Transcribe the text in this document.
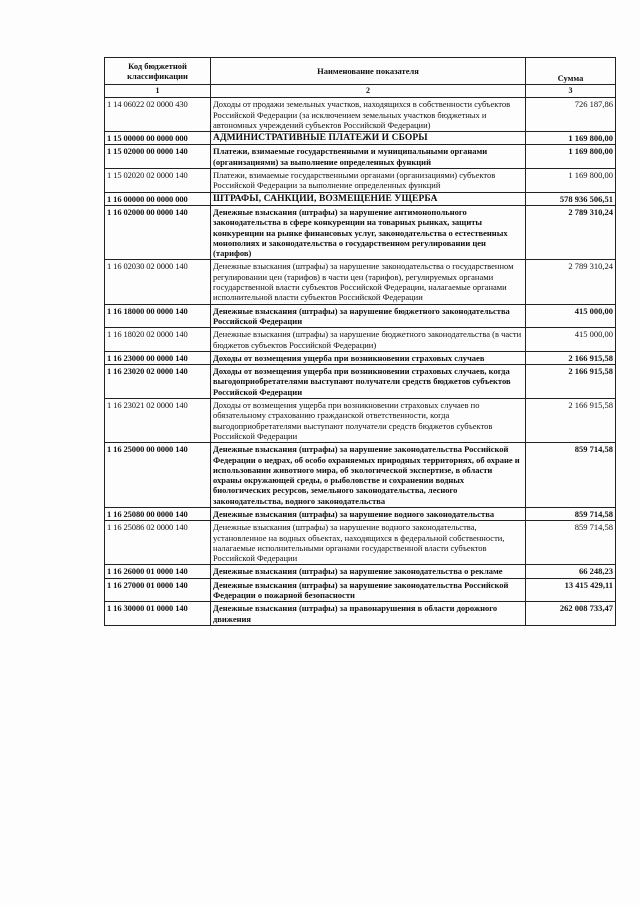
Код бюджетной классификации	Наименование показателя	Сумма
1	2	3
1 14 06022 02 0000 430	Доходы от продажи земельных участков, находящихся в собственности субъектов Российской Федерации (за исключением земельных участков бюджетных и автономных учреждений субъектов Российской Федерации)	726 187,86
1 15 00000 00 0000 000	АДМИНИСТРАТИВНЫЕ ПЛАТЕЖИ И СБОРЫ	1 169 800,00
1 15 02000 00 0000 140	Платежи, взимаемые государственными и муниципальными органами (организациями) за выполнение определенных функций	1 169 800,00
1 15 02020 02 0000 140	Платежи, взимаемые государственными органами (организациями) субъектов Российской Федерации за выполнение определенных функций	1 169 800,00
1 16 00000 00 0000 000	ШТРАФЫ, САНКЦИИ, ВОЗМЕЩЕНИЕ УЩЕРБА	578 936 506,51
1 16 02000 00 0000 140	Денежные взыскания (штрафы) за нарушение антимонопольного законодательства в сфере конкуренции на товарных рынках, защиты конкуренции на рынке финансовых услуг, законодательства о естественных монополиях и законодательства о государственном регулировании цен (тарифов)	2 789 310,24
1 16 02030 02 0000 140	Денежные взыскания (штрафы) за нарушение законодательства о государственном регулировании цен (тарифов) в части цен (тарифов), регулируемых органами государственной власти субъектов Российской Федерации, налагаемые органами исполнительной власти субъектов Российской Федерации	2 789 310,24
1 16 18000 00 0000 140	Денежные взыскания (штрафы) за нарушение бюджетного законодательства Российской Федерации	415 000,00
1 16 18020 02 0000 140	Денежные взыскания (штрафы) за нарушение бюджетного законодательства (в части бюджетов субъектов Российской Федерации)	415 000,00
1 16 23000 00 0000 140	Доходы от возмещения ущерба при возникновении страховых случаев	2 166 915,58
1 16 23020 02 0000 140	Доходы от возмещения ущерба при возникновении страховых случаев, когда выгодоприобретателями выступают получатели средств бюджетов субъектов Российской Федерации	2 166 915,58
1 16 23021 02 0000 140	Доходы от возмещения ущерба при возникновении страховых случаев по обязательному страхованию гражданской ответственности, когда выгодоприобретателями выступают получатели средств бюджетов субъектов Российской Федерации	2 166 915,58
1 16 25000 00 0000 140	Денежные взыскания (штрафы) за нарушение законодательства Российской Федерации о недрах, об особо охраняемых природных территориях, об охране и использовании животного мира, об экологической экспертизе, в области охраны окружающей среды, о рыболовстве и сохранении водных биологических ресурсов, земельного законодательства, лесного законодательства, водного законодательства	859 714,58
1 16 25080 00 0000 140	Денежные взыскания (штрафы) за нарушение водного законодательства	859 714,58
1 16 25086 02 0000 140	Денежные взыскания (штрафы) за нарушение водного законодательства, установленное на водных объектах, находящихся в федеральной собственности, налагаемые исполнительными органами государственной власти субъектов Российской Федерации	859 714,58
1 16 26000 01 0000 140	Денежные взыскания (штрафы) за нарушение законодательства о рекламе	66 248,23
1 16 27000 01 0000 140	Денежные взыскания (штрафы) за нарушение законодательства Российской Федерации о пожарной безопасности	13 415 429,11
1 16 30000 01 0000 140	Денежные взыскания (штрафы) за правонарушения в области дорожного движения	262 008 733,47
